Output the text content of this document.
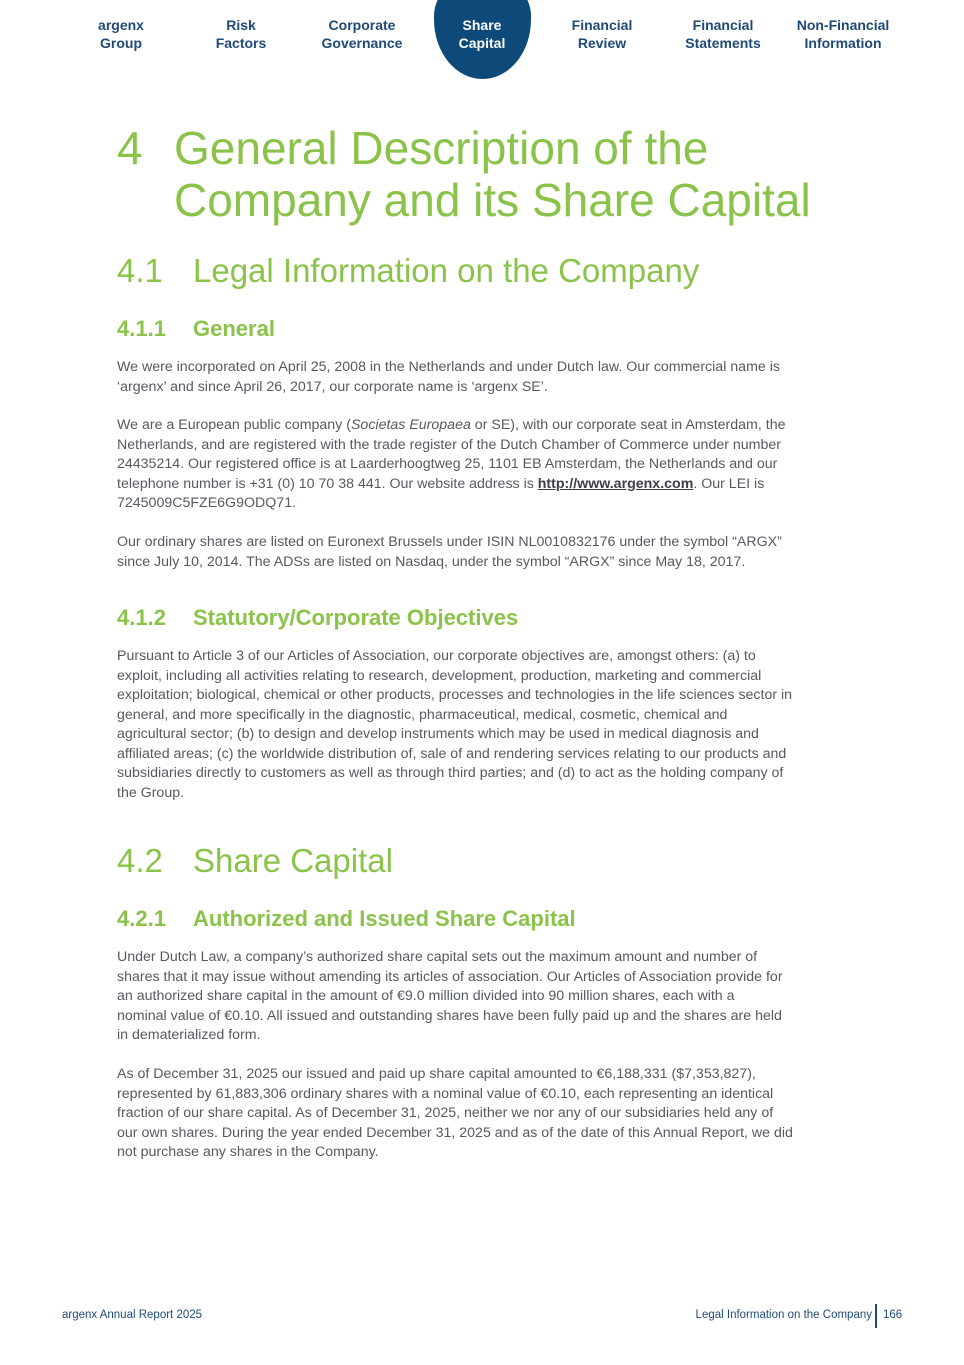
argenx
Group
Risk
Factors
Corporate
Governance
Share
Capital
Financial
Review
Financial
Statements
Non-Financial
Information
4 General Description of the
Company and its Share Capital
4.1 Legal Information on the Company
4.1.1 General

We were incorporated on April 25, 2008 in the Netherlands and under Dutch law. Our commercial name is
‘argenx’ and since April 26, 2017, our corporate name is ‘argenx SE’.

We are a European public company (Societas Europaea or SE), with our corporate seat in Amsterdam, the
Netherlands, and are registered with the trade register of the Dutch Chamber of Commerce under number
24435214. Our registered office is at Laarderhoogtweg 25, 1101 EB Amsterdam, the Netherlands and our
telephone number is +31 (0) 10 70 38 441. Our website address is http://www.argenx.com. Our LEI is
7245009C5FZE6G9ODQ71.

Our ordinary shares are listed on Euronext Brussels under ISIN NL0010832176 under the symbol “ARGX”
since July 10, 2014. The ADSs are listed on Nasdaq, under the symbol “ARGX” since May 18, 2017.

4.1.2 Statutory/Corporate Objectives

Pursuant to Article 3 of our Articles of Association, our corporate objectives are, amongst others: (a) to
exploit, including all activities relating to research, development, production, marketing and commercial
exploitation; biological, chemical or other products, processes and technologies in the life sciences sector in
general, and more specifically in the diagnostic, pharmaceutical, medical, cosmetic, chemical and
agricultural sector; (b) to design and develop instruments which may be used in medical diagnosis and
affiliated areas; (c) the worldwide distribution of, sale of and rendering services relating to our products and
subsidiaries directly to customers as well as through third parties; and (d) to act as the holding company of
the Group.

4.2 Share Capital
4.2.1 Authorized and Issued Share Capital

Under Dutch Law, a company’s authorized share capital sets out the maximum amount and number of
shares that it may issue without amending its articles of association. Our Articles of Association provide for
an authorized share capital in the amount of €9.0 million divided into 90 million shares, each with a
nominal value of €0.10. All issued and outstanding shares have been fully paid up and the shares are held
in dematerialized form.

As of December 31, 2025 our issued and paid up share capital amounted to €6,188,331 ($7,353,827),
represented by 61,883,306 ordinary shares with a nominal value of €0.10, each representing an identical
fraction of our share capital. As of December 31, 2025, neither we nor any of our subsidiaries held any of
our own shares. During the year ended December 31, 2025 and as of the date of this Annual Report, we did
not purchase any shares in the Company.

argenx Annual Report 2025	Legal Information on the Company 166
